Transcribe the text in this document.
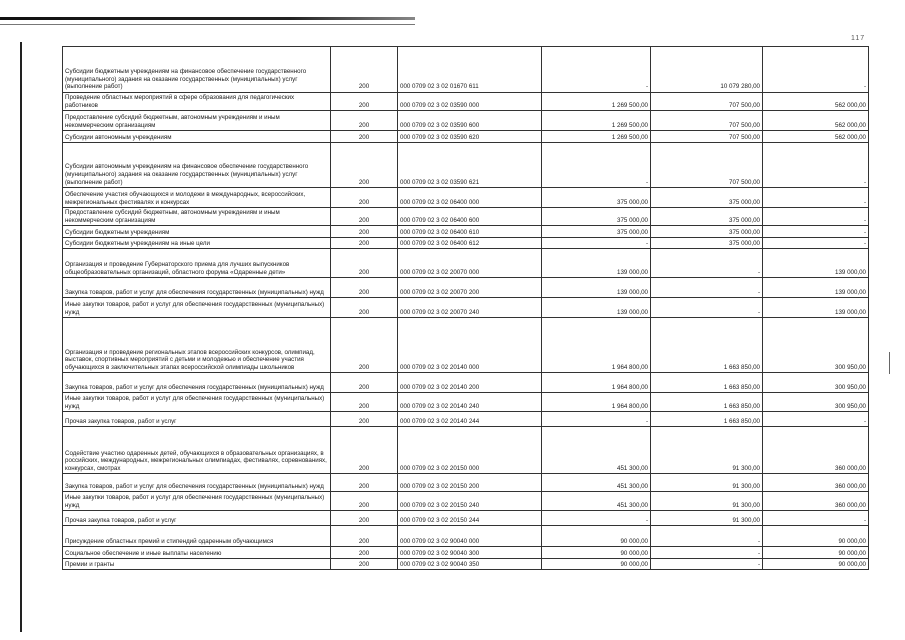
117
Субсидии бюджетным учреждениям на финансовое обеспечение государственного (муниципального) задания на оказание государственных (муниципальных) услуг (выполнение работ)	200	000 0709 02 3 02 01670 611	-	10 079 280,00	-
Проведение областных мероприятий в сфере образования для педагогических работников	200	000 0709 02 3 02 03590 000	1 269 500,00	707 500,00	562 000,00
Предоставление субсидий бюджетным, автономным учреждениям и иным некоммерческим организациям	200	000 0709 02 3 02 03590 600	1 269 500,00	707 500,00	562 000,00
Субсидии автономным учреждениям	200	000 0709 02 3 02 03590 620	1 269 500,00	707 500,00	562 000,00
Субсидии автономным учреждениям на финансовое обеспечение государственного (муниципального) задания на оказание государственных (муниципальных) услуг (выполнение работ)	200	000 0709 02 3 02 03590 621	-	707 500,00	-
Обеспечение участия обучающихся и молодежи в международных, всероссийских, межрегиональных фестивалях и конкурсах	200	000 0709 02 3 02 06400 000	375 000,00	375 000,00	-
Предоставление субсидий бюджетным, автономным учреждениям и иным некоммерческим организациям	200	000 0709 02 3 02 06400 600	375 000,00	375 000,00	-
Субсидии бюджетным учреждениям	200	000 0709 02 3 02 06400 610	375 000,00	375 000,00	-
Субсидии бюджетным учреждениям на иные цели	200	000 0709 02 3 02 06400 612	-	375 000,00	-
Организация и проведение Губернаторского приема для лучших выпускников общеобразовательных организаций, областного форума «Одаренные дети»	200	000 0709 02 3 02 20070 000	139 000,00	-	139 000,00
Закупка товаров, работ и услуг для обеспечения государственных (муниципальных) нужд	200	000 0709 02 3 02 20070 200	139 000,00	-	139 000,00
Иные закупки товаров, работ и услуг для обеспечения государственных (муниципальных) нужд	200	000 0709 02 3 02 20070 240	139 000,00	-	139 000,00
Организация и проведение региональных этапов всероссийских конкурсов, олимпиад, выставок, спортивных мероприятий с детьми и молодежью и обеспечение участия обучающихся в заключительных этапах всероссийской олимпиады школьников	200	000 0709 02 3 02 20140 000	1 964 800,00	1 663 850,00	300 950,00
Закупка товаров, работ и услуг для обеспечения государственных (муниципальных) нужд	200	000 0709 02 3 02 20140 200	1 964 800,00	1 663 850,00	300 950,00
Иные закупки товаров, работ и услуг для обеспечения государственных (муниципальных) нужд	200	000 0709 02 3 02 20140 240	1 964 800,00	1 663 850,00	300 950,00
Прочая закупка товаров, работ и услуг	200	000 0709 02 3 02 20140 244	-	1 663 850,00	-
Содействие участию одаренных детей, обучающихся в образовательных организациях, в российских, международных, межрегиональных олимпиадах, фестивалях, соревнованиях, конкурсах, смотрах	200	000 0709 02 3 02 20150 000	451 300,00	91 300,00	360 000,00
Закупка товаров, работ и услуг для обеспечения государственных (муниципальных) нужд	200	000 0709 02 3 02 20150 200	451 300,00	91 300,00	360 000,00
Иные закупки товаров, работ и услуг для обеспечения государственных (муниципальных) нужд	200	000 0709 02 3 02 20150 240	451 300,00	91 300,00	360 000,00
Прочая закупка товаров, работ и услуг	200	000 0709 02 3 02 20150 244	-	91 300,00	-
Присуждение областных премий и стипендий одаренным обучающимся	200	000 0709 02 3 02 90040 000	90 000,00	-	90 000,00
Социальное обеспечение и иные выплаты населению	200	000 0709 02 3 02 90040 300	90 000,00	-	90 000,00
Премии и гранты	200	000 0709 02 3 02 90040 350	90 000,00	-	90 000,00
